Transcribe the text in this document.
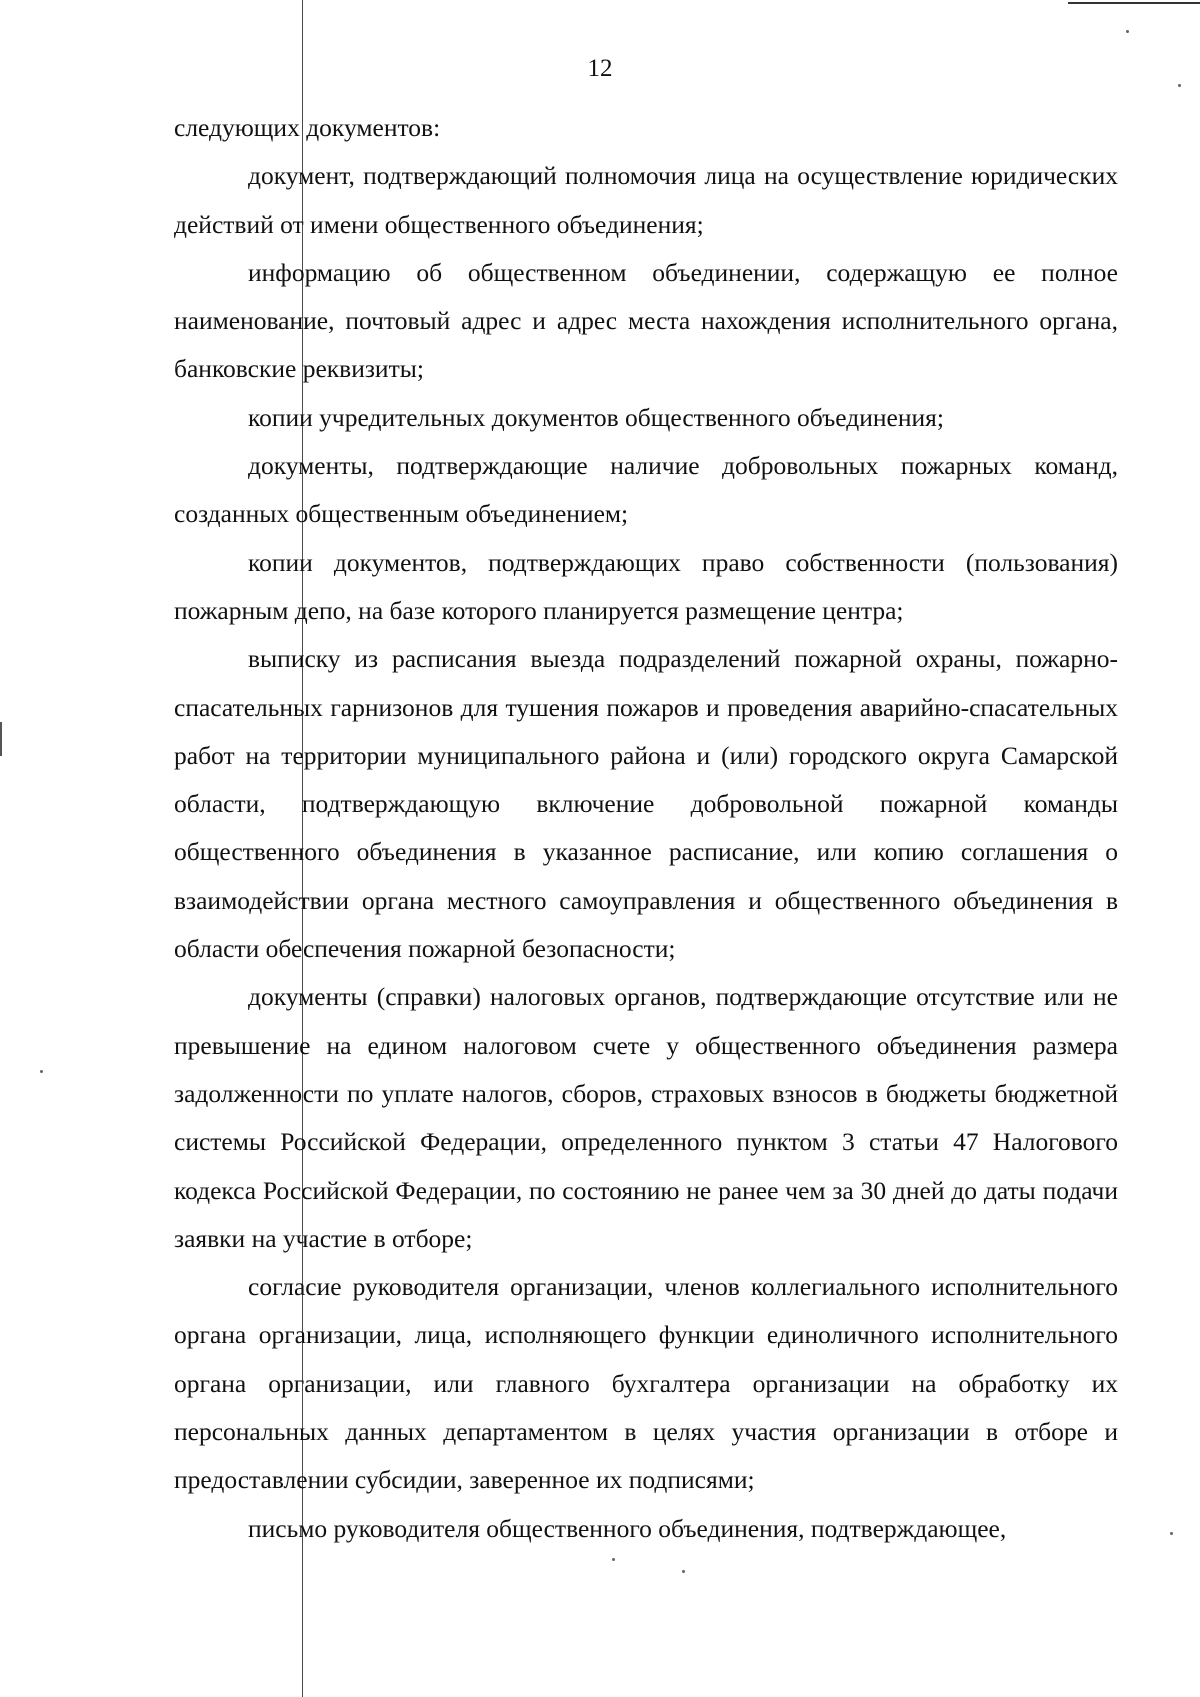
12

следующих документов:

документ, подтверждающий полномочия лица на осуществление юридических действий от имени общественного объединения;

информацию об общественном объединении, содержащую ее полное наименование, почтовый адрес и адрес места нахождения исполнительного органа, банковские реквизиты;

копии учредительных документов общественного объединения;

документы, подтверждающие наличие добровольных пожарных команд, созданных общественным объединением;

копии документов, подтверждающих право собственности (пользования) пожарным депо, на базе которого планируется размещение центра;

выписку из расписания выезда подразделений пожарной охраны, пожарно-спасательных гарнизонов для тушения пожаров и проведения аварийно-спасательных работ на территории муниципального района и (или) городского округа Самарской области, подтверждающую включение добровольной пожарной команды общественного объединения в указанное расписание, или копию соглашения о взаимодействии органа местного самоуправления и общественного объединения в области обеспечения пожарной безопасности;

документы (справки) налоговых органов, подтверждающие отсутствие или не превышение на едином налоговом счете у общественного объединения размера задолженности по уплате налогов, сборов, страховых взносов в бюджеты бюджетной системы Российской Федерации, определенного пунктом 3 статьи 47 Налогового кодекса Российской Федерации, по состоянию не ранее чем за 30 дней до даты подачи заявки на участие в отборе;

согласие руководителя организации, членов коллегиального исполнительного органа организации, лица, исполняющего функции единоличного исполнительного органа организации, или главного бухгалтера организации на обработку их персональных данных департаментом в целях участия организации в отборе и предоставлении субсидии, заверенное их подписями;

письмо руководителя общественного объединения, подтверждающее,
